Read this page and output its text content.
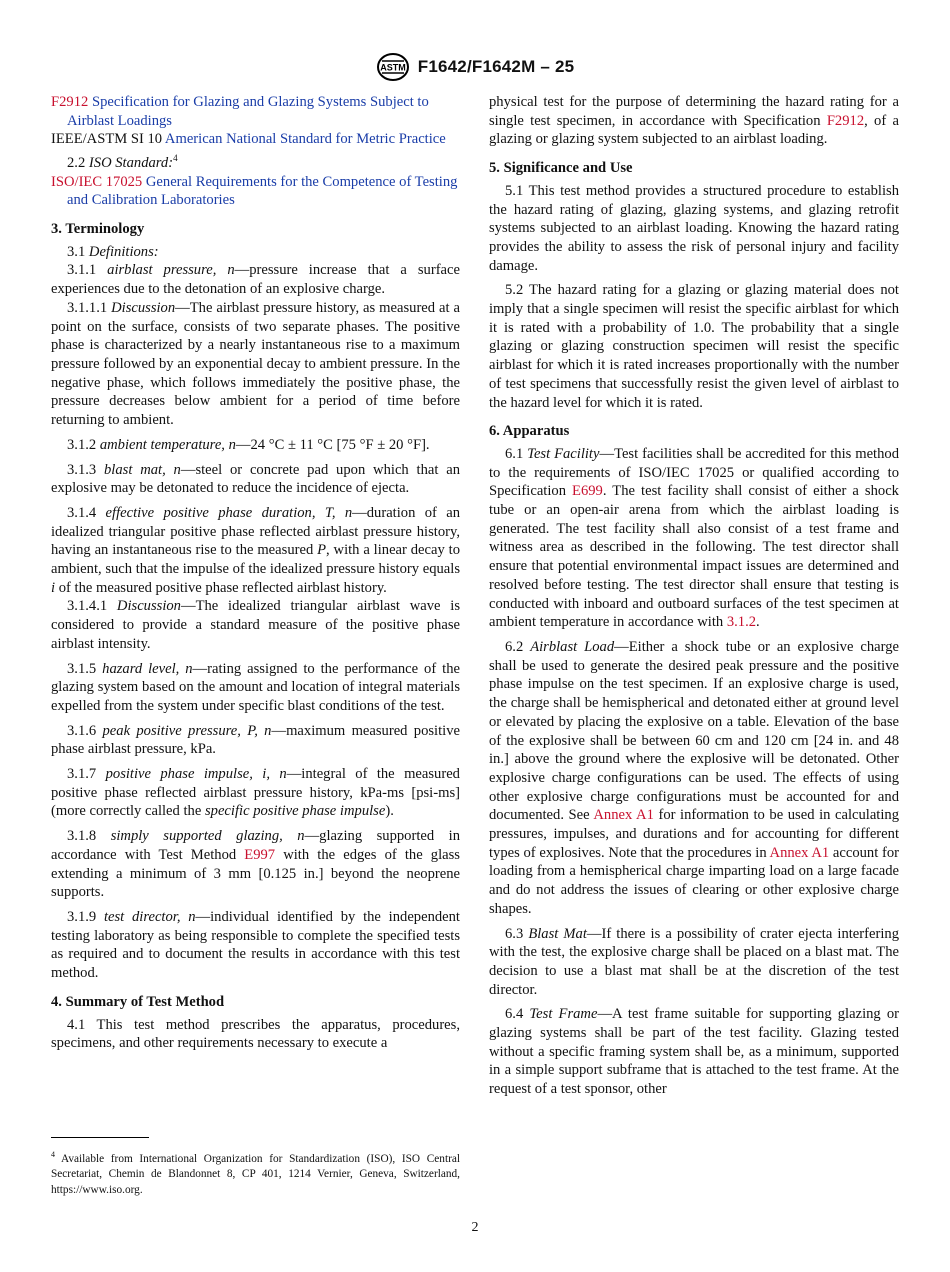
ASTM F1642/F1642M – 25

F2912 Specification for Glazing and Glazing Systems Subject to Airblast Loadings

IEEE/ASTM SI 10 American National Standard for Metric Practice

2.2 ISO Standard:$^4$

ISO/IEC 17025 General Requirements for the Competence of Testing and Calibration Laboratories

3. Terminology

3.1 Definitions:

3.1.1 airblast pressure, n—pressure increase that a surface experiences due to the detonation of an explosive charge.

3.1.1.1 Discussion—The airblast pressure history, as measured at a point on the surface, consists of two separate phases. The positive phase is characterized by a nearly instantaneous rise to a maximum pressure followed by an exponential decay to ambient pressure. In the negative phase, which follows immediately the positive phase, the pressure decreases below ambient for a period of time before returning to ambient.

3.1.2 ambient temperature, n—24 °C ± 11 °C [75 °F ± 20 °F].

3.1.3 blast mat, n—steel or concrete pad upon which that an explosive may be detonated to reduce the incidence of ejecta.

3.1.4 effective positive phase duration, T, n—duration of an idealized triangular positive phase reflected airblast pressure history, having an instantaneous rise to the measured P, with a linear decay to ambient, such that the impulse of the idealized pressure history equals i of the measured positive phase reflected airblast history.

3.1.4.1 Discussion—The idealized triangular airblast wave is considered to provide a standard measure of the positive phase airblast intensity.

3.1.5 hazard level, n—rating assigned to the performance of the glazing system based on the amount and location of integral materials expelled from the system under specific blast conditions of the test.

3.1.6 peak positive pressure, P, n—maximum measured positive phase airblast pressure, kPa.

3.1.7 positive phase impulse, i, n—integral of the measured positive phase reflected airblast pressure history, kPa-ms [psi-ms] (more correctly called the specific positive phase impulse).

3.1.8 simply supported glazing, n—glazing supported in accordance with Test Method E997 with the edges of the glass extending a minimum of 3 mm [0.125 in.] beyond the neoprene supports.

3.1.9 test director, n—individual identified by the independent testing laboratory as being responsible to complete the specified tests as required and to document the results in accordance with this test method.

4. Summary of Test Method

4.1 This test method prescribes the apparatus, procedures, specimens, and other requirements necessary to execute a

physical test for the purpose of determining the hazard rating for a single test specimen, in accordance with Specification F2912, of a glazing or glazing system subjected to an airblast loading.

5. Significance and Use

5.1 This test method provides a structured procedure to establish the hazard rating of glazing, glazing systems, and glazing retrofit systems subjected to an airblast loading. Knowing the hazard rating provides the ability to assess the risk of personal injury and facility damage.

5.2 The hazard rating for a glazing or glazing material does not imply that a single specimen will resist the specific airblast for which it is rated with a probability of 1.0. The probability that a single glazing or glazing construction specimen will resist the specific airblast for which it is rated increases proportionally with the number of test specimens that successfully resist the given level of airblast to the hazard level for which it is rated.

6. Apparatus

6.1 Test Facility—Test facilities shall be accredited for this method to the requirements of ISO/IEC 17025 or qualified according to Specification E699. The test facility shall consist of either a shock tube or an open-air arena from which the airblast loading is generated. The test facility shall also consist of a test frame and witness area as described in the following. The test director shall ensure that potential environmental impact issues are determined and resolved before testing. The test director shall ensure that testing is conducted with inboard and outboard surfaces of the test specimen at ambient temperature in accordance with 3.1.2.

6.2 Airblast Load—Either a shock tube or an explosive charge shall be used to generate the desired peak pressure and the positive phase impulse on the test specimen. If an explosive charge is used, the charge shall be hemispherical and detonated either at ground level or elevated by placing the explosive on a table. Elevation of the base of the explosive shall be between 60 cm and 120 cm [24 in. and 48 in.] above the ground where the explosive will be detonated. Other explosive charge configurations can be used. The effects of using other explosive charge configurations must be accounted for and documented. See Annex A1 for information to be used in calculating pressures, impulses, and durations and for accounting for different types of explosives. Note that the procedures in Annex A1 account for loading from a hemispherical charge imparting load on a large facade and do not address the issues of clearing or other explosive charge shapes.

6.3 Blast Mat—If there is a possibility of crater ejecta interfering with the test, the explosive charge shall be placed on a blast mat. The decision to use a blast mat shall be at the discretion of the test director.

6.4 Test Frame—A test frame suitable for supporting glazing or glazing systems shall be part of the test facility. Glazing tested without a specific framing system shall be, as a minimum, supported in a simple support subframe that is attached to the test frame. At the request of a test sponsor, other

$^4$ Available from International Organization for Standardization (ISO), ISO Central Secretariat, Chemin de Blandonnet 8, CP 401, 1214 Vernier, Geneva, Switzerland, https://www.iso.org.
2
